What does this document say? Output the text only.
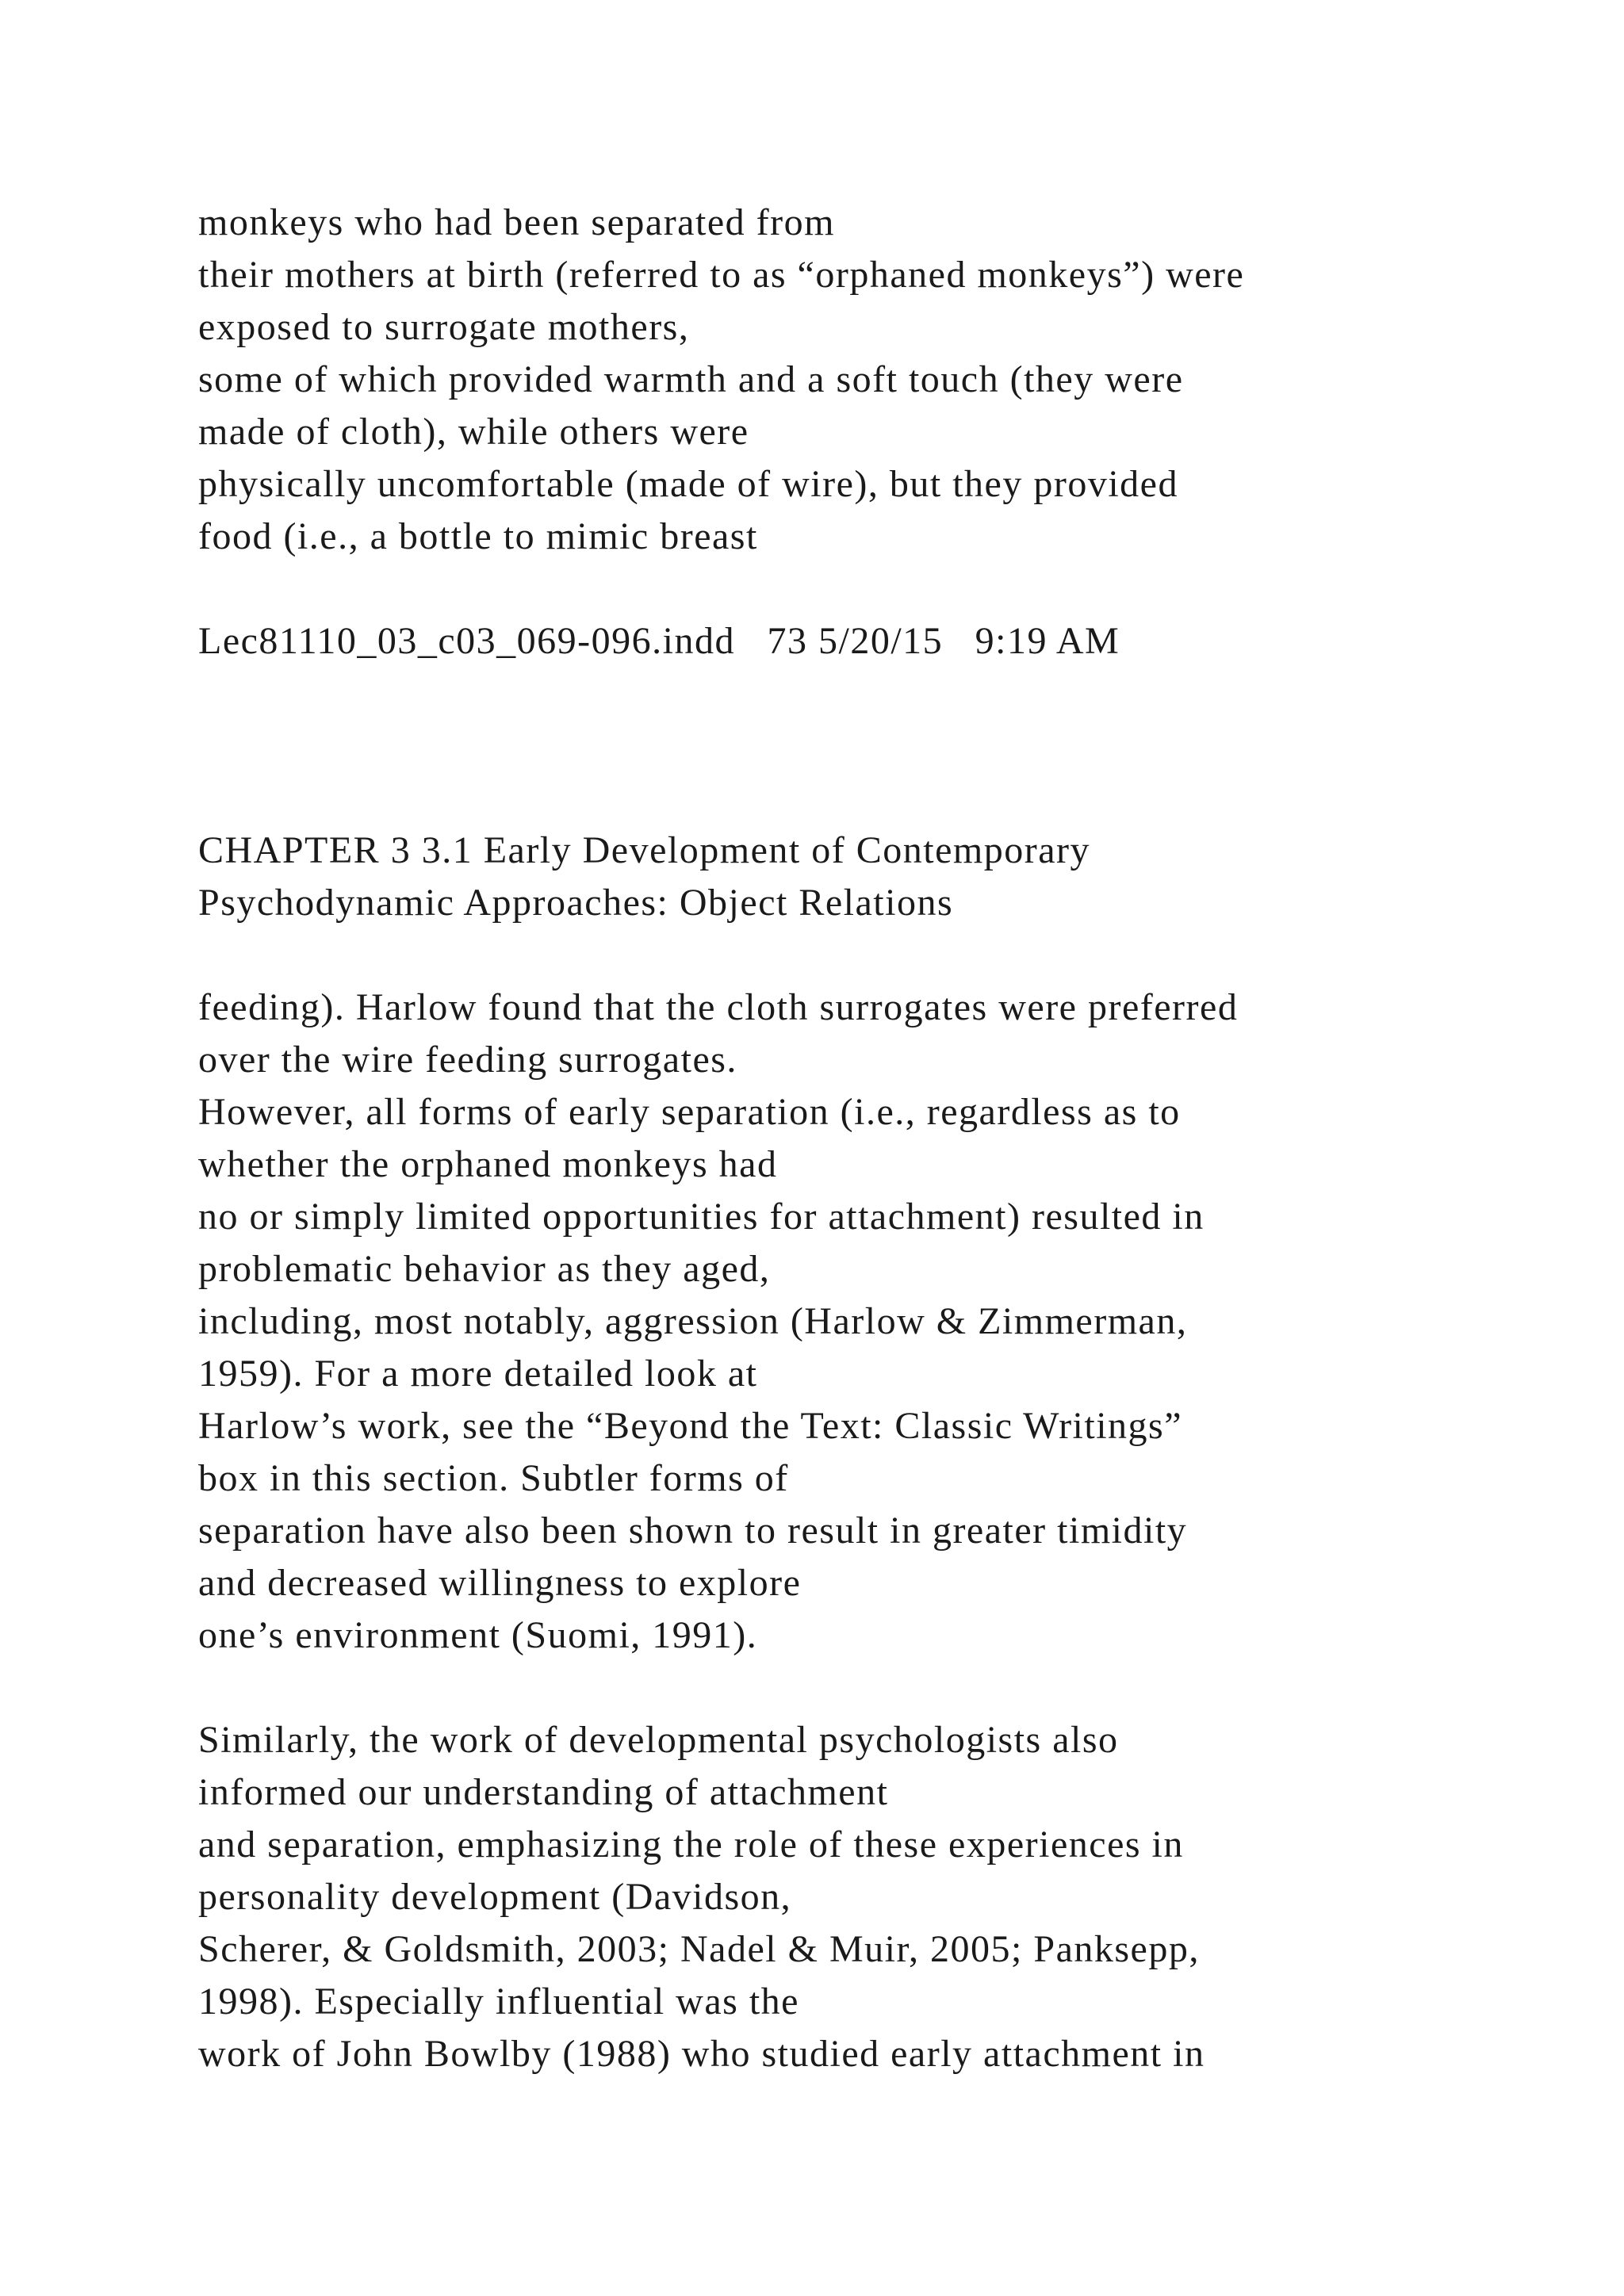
monkeys who had been separated from
their mothers at birth (referred to as “orphaned monkeys”) were
exposed to surrogate mothers,
some of which provided warmth and a soft touch (they were
made of cloth), while others were
physically uncomfortable (made of wire), but they provided
food (i.e., a bottle to mimic breast
Lec81110_03_c03_069-096.indd   73 5/20/15   9:19 AM
CHAPTER 3 3.1 Early Development of Contemporary
Psychodynamic Approaches: Object Relations
feeding). Harlow found that the cloth surrogates were preferred
over the wire feeding surrogates.
However, all forms of early separation (i.e., regardless as to
whether the orphaned monkeys had
no or simply limited opportunities for attachment) resulted in
problematic behavior as they aged,
including, most notably, aggression (Harlow & Zimmerman,
1959). For a more detailed look at
Harlow’s work, see the “Beyond the Text: Classic Writings”
box in this section. Subtler forms of
separation have also been shown to result in greater timidity
and decreased willingness to explore
one’s environment (Suomi, 1991).
Similarly, the work of developmental psychologists also
informed our understanding of attachment
and separation, emphasizing the role of these experiences in
personality development (Davidson,
Scherer, & Goldsmith, 2003; Nadel & Muir, 2005; Panksepp,
1998). Especially influential was the
work of John Bowlby (1988) who studied early attachment in
